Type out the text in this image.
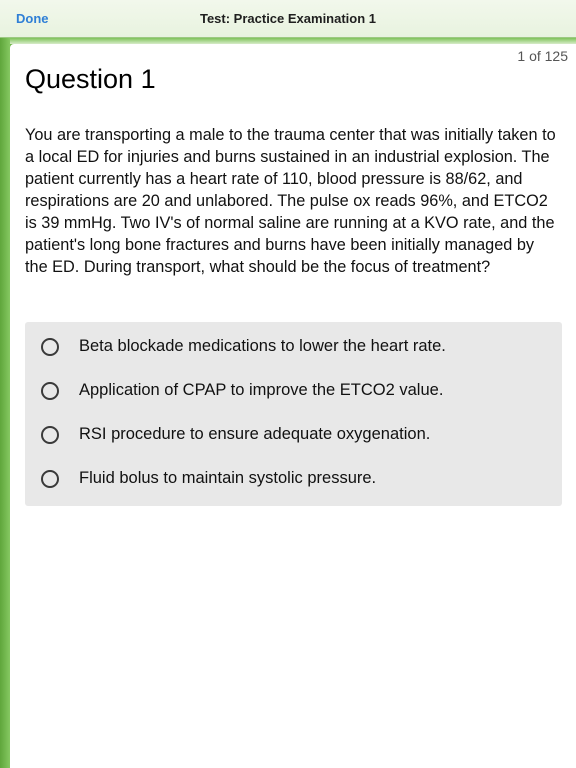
Done	Test: Practice Examination 1
1 of 125
Question 1
You are transporting a male to the trauma center that was initially taken to a local ED for injuries and burns sustained in an industrial explosion. The patient currently has a heart rate of 110, blood pressure is 88/62, and respirations are 20 and unlabored. The pulse ox reads 96%, and ETCO2 is 39 mmHg. Two IV's of normal saline are running at a KVO rate, and the patient's long bone fractures and burns have been initially managed by the ED. During transport, what should be the focus of treatment?
Beta blockade medications to lower the heart rate.
Application of CPAP to improve the ETCO2 value.
RSI procedure to ensure adequate oxygenation.
Fluid bolus to maintain systolic pressure.
